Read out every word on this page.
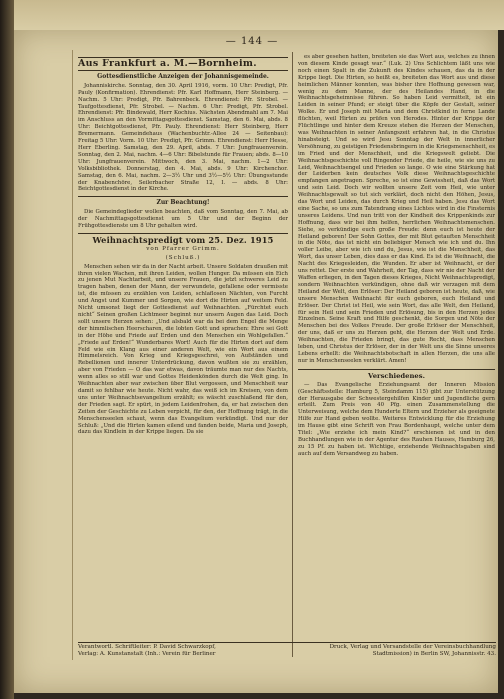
— 144 —
Aus Frankfurt a. M.—Bornheim.
Gottesdienstliche Anzeigen der Johannisgemeinde.

Johanniskirche. Sonntag, den 30. April 1916, vorm. 10 Uhr: Predigt, Pfr. Pauly (Konfirmation). Ehrendienst: Pfr. Karl Hoffmann, Herr Steinberg. — Nachm. 5 Uhr: Predigt, Pfr. Bahrenbeck. Ehrendienst: Pfr. Strobel. — Taufgottesdienst, Pfr. Strobel. — Nachm. 6 Uhr: Predigt, Pfr. Strobel. Ehrendienst: Pfr. Bindewald, Herr Kochius. Nächsten Abendmahl am 7. Mai im Anschluss an den Vormittagsgottesdienst. Samstag, den 6. Mai, abds. 8 Uhr: Beichtgottesdienst, Pfr. Pauly. Ehrendienst: Herr Steinberg, Herr Bremermann. Gemeindehaus (Wachenbuchtr.-Allee 24 — Seitenbau): Freitag 5 Uhr: Vorm. 10 Uhr: Predigt, Pfr. Grimm. Ehrendienst: Herr Hesse, Herr Eberling. Samstag, den 29. April, abds. 7 Uhr: Jungfrauenverein. Sonntag, den 2. Mai, nachm. 4—6 Uhr: Bibelstunde für Frauen; abds. 8—10 Uhr: Jungfrauenverein. Mittwoch, den 3. Mai, nachm. 1—2 Uhr: Volksbibliothek. Donnerstag, den 4. Mai, abds. 9 Uhr: Kirchenchor. Samstag, den 6. Mai, nachm. 2—3½ Uhr und 3½—5½ Uhr: Übungsstunde der Knabenchöre, Seilerbacher Straße 12, I. — abds. 8 Uhr: Beichtgottesdienst in der Kirche.

Zur Beachtung!

Die Gemeindeglieder wollen beachten, daß vom Sonntag, den 7. Mai, ab der Nachmittagsgottesdienst um 5 Uhr und der Beginn der Frühgottesdienste um 8 Uhr gehalten wird.

Weihnachtspredigt vom 25. Dez. 1915
von Pfarrer Grimm.
(Schluß.)

Menschen sehen wir da in der Nacht arbeit. Unsere Soldaten draußen mit ihren vielen Wachen, mit ihren Leiden, wollen Hunger. Da müssen ein Eich zu jenen Mut Nachtarbeit, und unsere Frauen, die jetzt schweres Leid zu tragen haben, denen der Mann, der verwundete, gefallene oder vermisste ist, die müssen zu erzählen von Leiden, schlaflosen Nächten, von Furcht und Angst und Kummer und Sorgen, wie dort die Hirten auf weitem Feld. Nicht umsonst liegt der Gottesdienst auf Weihnachten. „Fürchtet euch nicht“ Seinen großen Lichtmeer beginnt nur unsern Augen das Leid. Doch sollt unsere Herzen sehen: „Und alsbald war da bei dem Engel die Menge der himmlischen Heerscharen, die lobten Gott und sprachen: Ehre sei Gott in der Höhe und Friede auf Erden und den Menschen ein Wohlgefallen.“ „Friede auf Erden!“ Wunderbares Wort! Auch für die Hirten dort auf dem Feld wie ein Klang aus einer anderen Welt, wie ein Wort aus einem Himmelsreich. Von Krieg und Kriegsgeschrei, von Aufständen und Rebellionen und innerer Unterdrückung, davon wußten sie zu erzählen, aber von Frieden — O das war etwas, davon träumte man nur des Nachts, wenn alles so still war und Gottes Heidenkönden durch die Welt ging. In Weihnachten aber war zwischen über Blut vergossen, und Menschheit war damit so fehlbar wie heute. Nicht wahr, das weiß ich im Kreisen, von dem uns unter Weihnachtsevangelium erzählt; es wäscht zuschlaßend für den, der Frieden sagt. Er spürt, in jedem Leidenfrohen, da, er hat zwischen den Zeiten der Geschichte zu Leben verpicht, für den, der Hoffnung trägt, in die Menschenseelen schaut, wenn das Evangelium verkündigt. Und nur der Schluß: „Und die Hirten kamen eilend und fanden beide, Maria und Joseph, dazu das Kindlein in der Krippe liegen. Da sie

es aber gesehen hatten, breiteten sie das Wort aus, welches zu ihnen von diesem Kinde gesagt war.“ (Luk. 2) Uns Schlichtem läßt uns wie noch einen Spalt in die Zukunft des Kindes schauen, das da in der Krippe liegt. Die Hirten, so heißt es, breiteten das Wort aus und diese heimlichen Männer konnten, was bisher ihre Hoffnung gewesen war, wenig zu dem Manne, der des Heilandes Hand, in die Weihnachtsgeheimnisse führen. So haben Leid vermittelt, ist ein Leiden in seiner Pfund; er steigt über die Köpfe der Gestalt, seiner Wolke. Er und Joseph mit Maria und dem Christkind in ferne Lande flüchten, weil Hirten zu prüfen von Herodes. Hinter der Krippe der Flüchtlinge und hinter dem Kreuze stehen die Herzen der Menschen, was Weihnachten in seiner Anfangszeit erfahren hat, in die Christus hinabsteigt. Und so wird Jesu Sonntag der Welt in innerlicher Versöhnung, zu geistigen Friedensbringern in die Kriegsmenschheit, es im Fried und der Menschheit, und die Kriegswelt geliebt. Die Weihnachtsgeschichte voll Ringender Friede, die heile, wie sie uns zu Leid, Weihnachtsengel und Frieden so lange. O wie eine Stärkung hat der Leiderben kein deutsches Volk diese Weihnachtsgeschichte empfangen angetragen. Spreche, so ist eine Gewissheit, daß das Wort und sein Leid. Doch wir wollten unsere Zeit vom Heil, wie unter Weihnachtsgewalt so tut sich verklärt, doch nicht den Höhen, Jesus, das Wort und Leiden, das durch Krieg und Heil haben. Jesu das Wort eine Sache, so uns zum Tatendrang eines Lichtes wird in die Finsternis unseres Leidens. Und nun tritt von der Kindheit des Krippenkinds zur Hoffnung, dass wir bei ihm helfen, herrlichen Weihnachtsmenschen. Siehe, so verkündige euch große Freude: denn euch ist heute der Heiland geboren! Der Sohn Gottes, der mit Blut getauften Menschheit in die Nöte, das ist nicht ein beliebiger Mensch wie ich und du. Ihn voller Leibe, aber wie ich und du, Jesus, wie ist die Menschheit, das Wort, das unser Leben, dies dass er das Kind. Es ist die Weihnacht, die Nacht des Kriegesleiden, die Wunden. Er aber ist Weihnacht, er der uns rettet. Der erste und Wahrheit, der Tag, dass wir nie der Nacht der Waffen erliegen, in den Tagen dieses Krieges, Nicht Weihnachtspredigt, sondern Weihnachten verkündigen, ohne daß wir verzagen mit dem Heiland der Welt, den Erlöser: Der Heiland geboren ist heute, daß, wie unsere Menschen Weihnacht für euch geboren, euch Heiland und Erlöser. Der Christ ist Heil, wie sein Wort, das alle Welt, den Heiland, für sein Heil und sein Frieden und Erlösung, bis in den Herzen jedes Einzelnen. Seine Kraft und Hilfe geschenkt, die Sorgen und Nöte der Menschen bei des Volkes Freude. Der große Erlöser der Menschheit, der uns, daß er uns zu Herzen geht, die Herzen der Welt und Erde. Weihnachten, die Frieden bringt, das gute Recht, dass Menschen leben, und Christus der Erlöser, der in der Welt uns die Sinne unseres Lebens erhellt: die Weihnachtsbotschaft in allen Herzen, die uns alle nur in Menschenseelen verklärt. Amen!

Verschiedenes.

— Das Evangelische Erziehungsamt der Inneren Mission (Geschäftsstelle: Hamburg 5, Steindamm 115) gibt zur Unterstützung der Herausgabe der Schwestergehilfen Kinder und Jugendliche gern erteilt. Zum Preis von 40 Pfg. einen Zusammenstellung die Unterweisung, welche dem Hunderte Eltern und Erzieher als geeignete Hilfe zur Hand geben wollte. Weiteres Entwicklung für die Erziehung im Hause gibt eine Schrift von Frau Bordenhaupt, welche unter dem Titel: „Wie erziehe ich mein Kind?“ erschienen ist und in den Buchhandlungen wie in der Agentur des Rauhen Hauses, Hamburg 26, zu 15 Pf. zu haben ist. Wichtige, erziehende Weihnachtsgaben sind auch auf dem Versandweg zu haben.

Verantwortl. Schriftleiter: P. David Schwarzkopf,	Druck, Verlag und Versandstelle der Vereinsbuchhandlung
Verlag: A. Kunstanstalt (Inh.: Verein für Berliner	Stadtmission) in Berlin SW, Johannisstr. 43.
